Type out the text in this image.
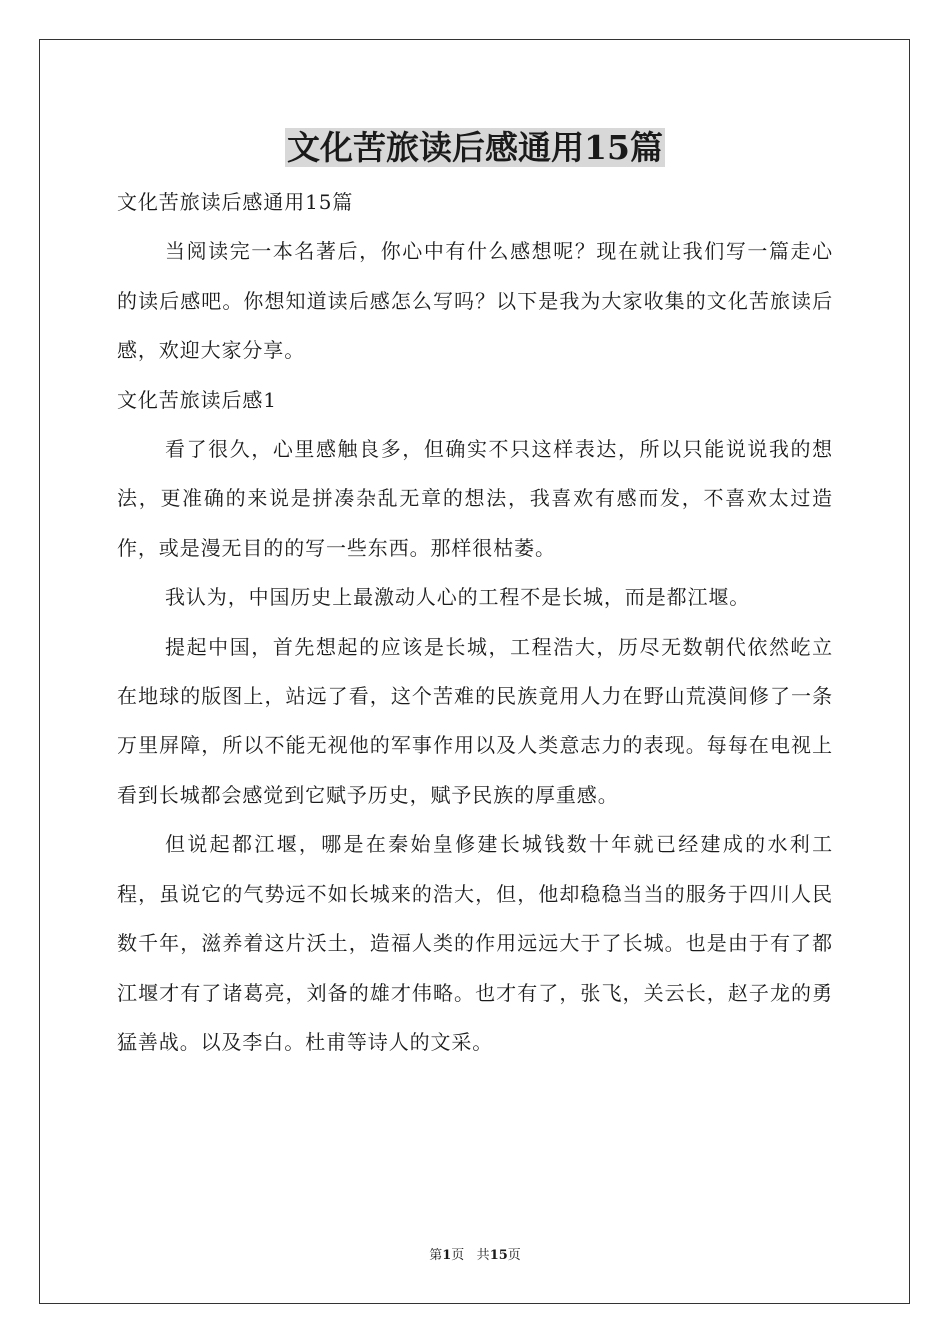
文化苦旅读后感通用15篇

文化苦旅读后感通用15篇

当阅读完一本名著后，你心中有什么感想呢？现在就让我们写一篇走心的读后感吧。你想知道读后感怎么写吗？以下是我为大家收集的文化苦旅读后感，欢迎大家分享。

文化苦旅读后感1

看了很久，心里感触良多，但确实不只这样表达，所以只能说说我的想法，更准确的来说是拼凑杂乱无章的想法，我喜欢有感而发，不喜欢太过造作，或是漫无目的的写一些东西。那样很枯萎。

我认为，中国历史上最激动人心的工程不是长城，而是都江堰。

提起中国，首先想起的应该是长城，工程浩大，历尽无数朝代依然屹立在地球的版图上，站远了看，这个苦难的民族竟用人力在野山荒漠间修了一条万里屏障，所以不能无视他的军事作用以及人类意志力的表现。每每在电视上看到长城都会感觉到它赋予历史，赋予民族的厚重感。

但说起都江堰，哪是在秦始皇修建长城钱数十年就已经建成的水利工程，虽说它的气势远不如长城来的浩大，但，他却稳稳当当的服务于四川人民数千年，滋养着这片沃土，造福人类的作用远远大于了长城。也是由于有了都江堰才有了诸葛亮，刘备的雄才伟略。也才有了，张飞，关云长，赵子龙的勇猛善战。以及李白。杜甫等诗人的文采。

第1页 共15页
